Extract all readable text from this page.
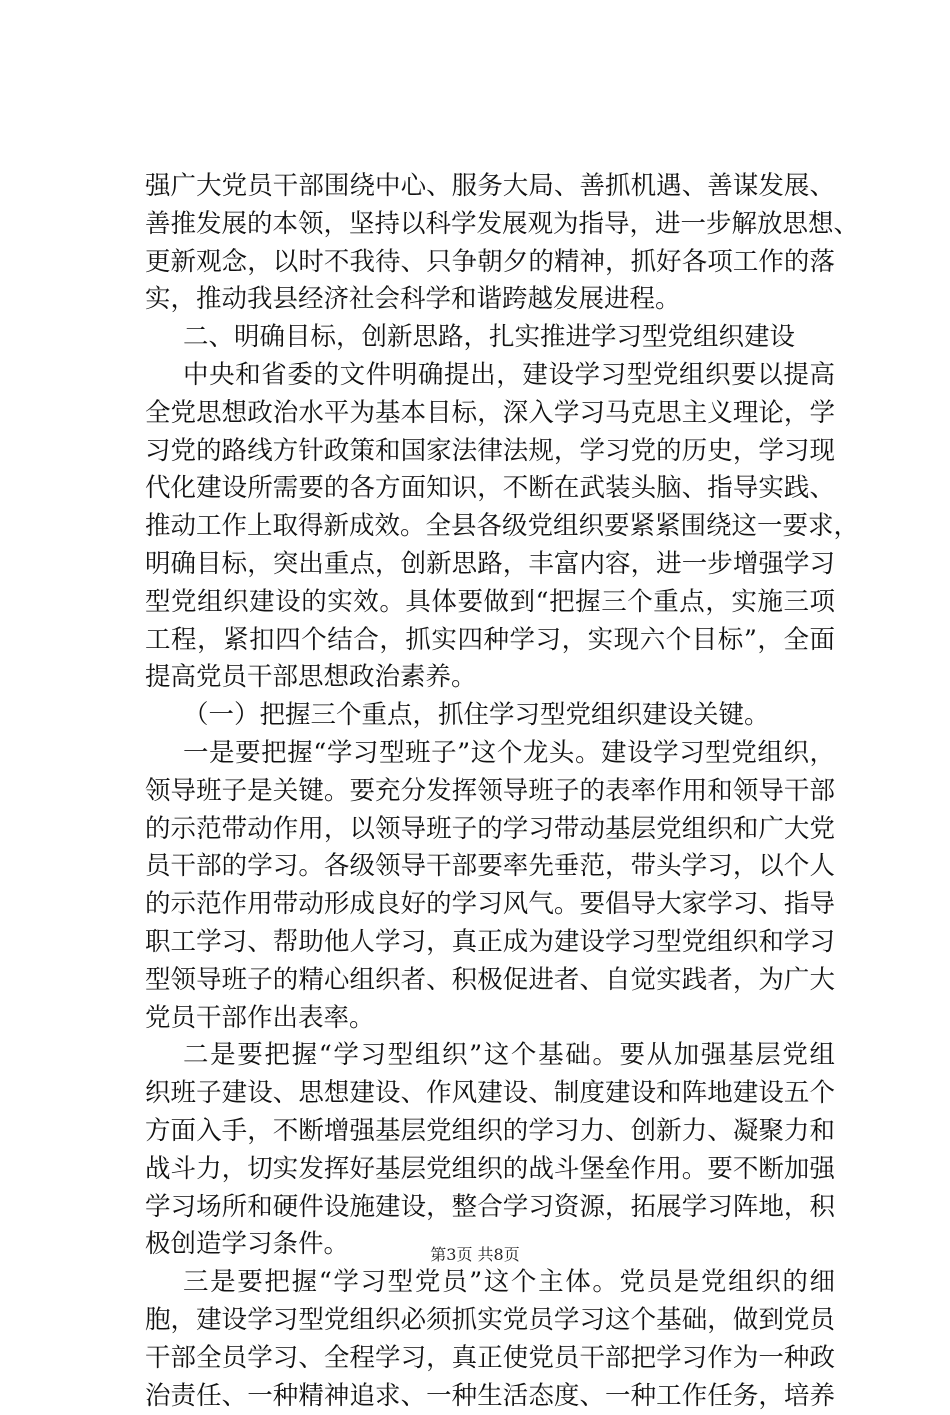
强广大党员干部围绕中心、服务大局、善抓机遇、善谋发展、
善推发展的本领，坚持以科学发展观为指导，进一步解放思想、
更新观念，以时不我待、只争朝夕的精神，抓好各项工作的落
实，推动我县经济社会科学和谐跨越发展进程。
二、明确目标，创新思路，扎实推进学习型党组织建设
中央和省委的文件明确提出，建设学习型党组织要以提高
全党思想政治水平为基本目标，深入学习马克思主义理论，学
习党的路线方针政策和国家法律法规，学习党的历史，学习现
代化建设所需要的各方面知识，不断在武装头脑、指导实践、
推动工作上取得新成效。全县各级党组织要紧紧围绕这一要求，
明确目标，突出重点，创新思路，丰富内容，进一步增强学习
型党组织建设的实效。具体要做到“把握三个重点，实施三项
工程，紧扣四个结合，抓实四种学习，实现六个目标”，全面
提高党员干部思想政治素养。
（一）把握三个重点，抓住学习型党组织建设关键。
一是要把握“学习型班子”这个龙头。建设学习型党组织，
领导班子是关键。要充分发挥领导班子的表率作用和领导干部
的示范带动作用，以领导班子的学习带动基层党组织和广大党
员干部的学习。各级领导干部要率先垂范，带头学习，以个人
的示范作用带动形成良好的学习风气。要倡导大家学习、指导
职工学习、帮助他人学习，真正成为建设学习型党组织和学习
型领导班子的精心组织者、积极促进者、自觉实践者，为广大
党员干部作出表率。
二是要把握“学习型组织”这个基础。要从加强基层党组
织班子建设、思想建设、作风建设、制度建设和阵地建设五个
方面入手，不断增强基层党组织的学习力、创新力、凝聚力和
战斗力，切实发挥好基层党组织的战斗堡垒作用。要不断加强
学习场所和硬件设施建设，整合学习资源，拓展学习阵地，积
极创造学习条件。
三是要把握“学习型党员”这个主体。党员是党组织的细
胞，建设学习型党组织必须抓实党员学习这个基础，做到党员
干部全员学习、全程学习，真正使党员干部把学习作为一种政
治责任、一种精神追求、一种生活态度、一种工作任务，培养
第3页 共8页
